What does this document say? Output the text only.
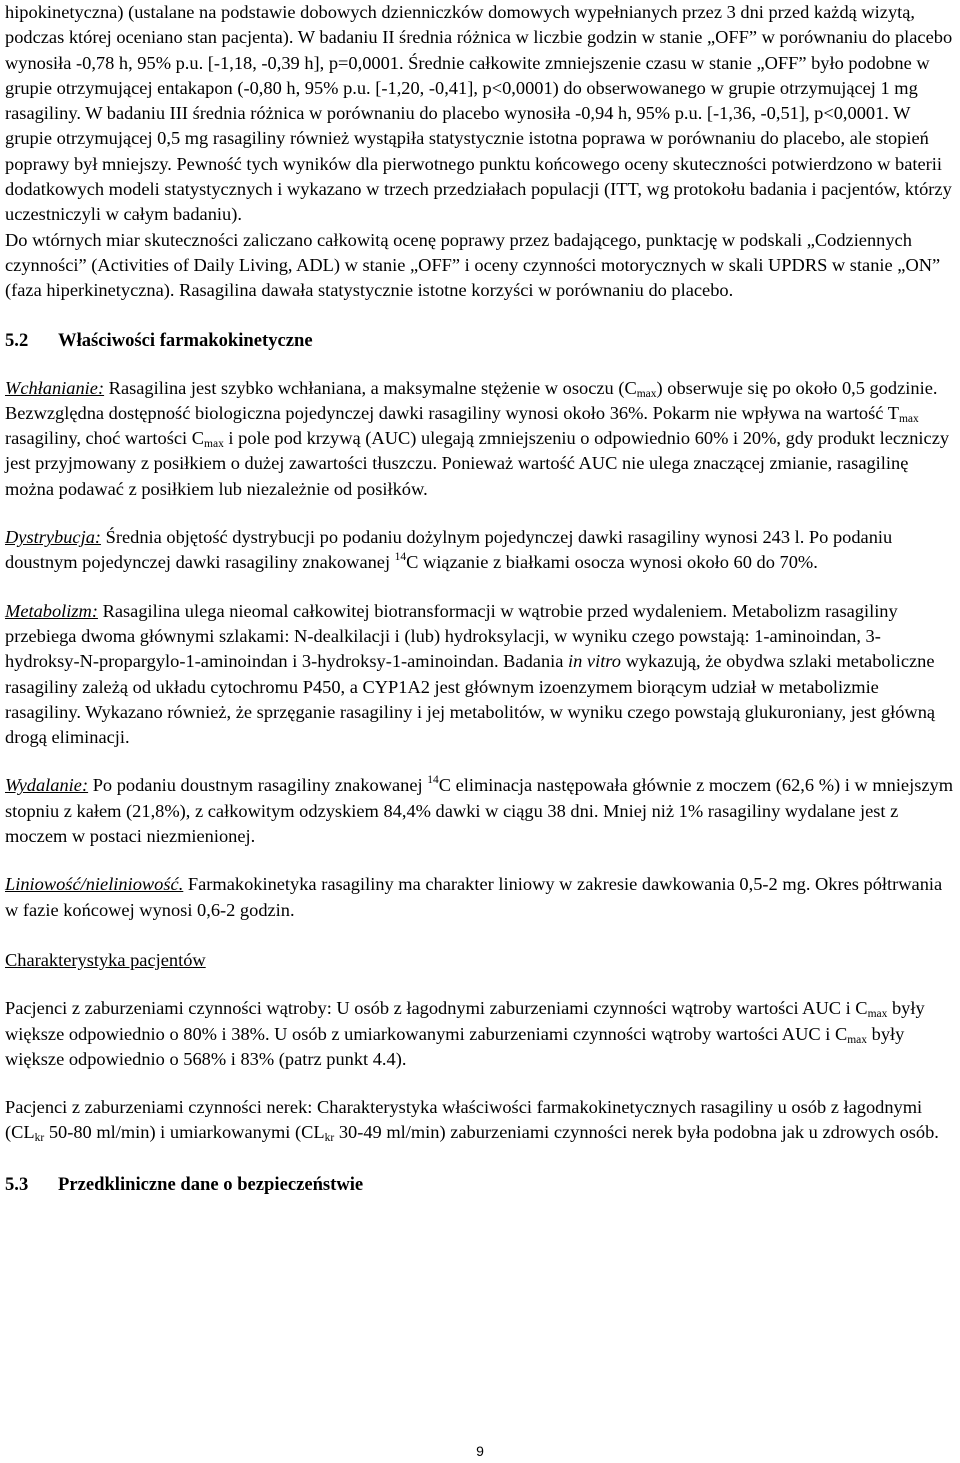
hipokinetyczna) (ustalane na podstawie dobowych dzienniczków domowych wypełnianych przez 3 dni przed każdą wizytą, podczas której oceniano stan pacjenta). W badaniu II średnia różnica w liczbie godzin w stanie „OFF” w porównaniu do placebo wynosiła -0,78 h, 95% p.u. [-1,18, -0,39 h], p=0,0001. Średnie całkowite zmniejszenie czasu w stanie „OFF” było podobne w grupie otrzymującej entakapon (-0,80 h, 95% p.u. [-1,20, -0,41], p<0,0001) do obserwowanego w grupie otrzymującej 1 mg rasagiliny. W badaniu III średnia różnica w porównaniu do placebo wynosiła -0,94 h, 95% p.u. [-1,36, -0,51], p<0,0001. W grupie otrzymującej 0,5 mg rasagiliny również wystąpiła statystycznie istotna poprawa w porównaniu do placebo, ale stopień poprawy był mniejszy. Pewność tych wyników dla pierwotnego punktu końcowego oceny skuteczności potwierdzono w baterii dodatkowych modeli statystycznych i wykazano w trzech przedziałach populacji (ITT, wg protokołu badania i pacjentów, którzy uczestniczyli w całym badaniu).

Do wtórnych miar skuteczności zaliczano całkowitą ocenę poprawy przez badającego, punktację w podskali „Codziennych czynności” (Activities of Daily Living, ADL) w stanie „OFF” i oceny czynności motorycznych w skali UPDRS w stanie „ON” (faza hiperkinetyczna). Rasagilina dawała statystycznie istotne korzyści w porównaniu do placebo.

5.2 Właściwości farmakokinetyczne

Wchłanianie: Rasagilina jest szybko wchłaniana, a maksymalne stężenie w osoczu $(C_{max})$ obserwuje się po około 0,5 godzinie. Bezwzględna dostępność biologiczna pojedynczej dawki rasagiliny wynosi około 36%. Pokarm nie wpływa na wartość $T_{max}$ rasagiliny, choć wartości $C_{max}$ i pole pod krzywą (AUC) ulegają zmniejszeniu o odpowiednio 60% i 20%, gdy produkt leczniczy jest przyjmowany z posiłkiem o dużej zawartości tłuszczu. Ponieważ wartość AUC nie ulega znaczącej zmianie, rasagilinę można podawać z posiłkiem lub niezależnie od posiłków.

Dystrybucja: Średnia objętość dystrybucji po podaniu dożylnym pojedynczej dawki rasagiliny wynosi 243 l. Po podaniu doustnym pojedynczej dawki rasagiliny znakowanej $^{14}$C wiązanie z białkami osocza wynosi około 60 do 70%.

Metabolizm: Rasagilina ulega nieomal całkowitej biotransformacji w wątrobie przed wydaleniem. Metabolizm rasagiliny przebiega dwoma głównymi szlakami: N-dealkilacji i (lub) hydroksylacji, w wyniku czego powstają: 1-aminoindan, 3-hydroksy-N-propargylo-1-aminoindan i 3-hydroksy-1-aminoindan. Badania in vitro wykazują, że obydwa szlaki metaboliczne rasagiliny zależą od układu cytochromu P450, a CYP1A2 jest głównym izoenzymem biorącym udział w metabolizmie rasagiliny. Wykazano również, że sprzęganie rasagiliny i jej metabolitów, w wyniku czego powstają glukuroniany, jest główną drogą eliminacji.

Wydalanie: Po podaniu doustnym rasagiliny znakowanej $^{14}$C eliminacja następowała głównie z moczem (62,6 %) i w mniejszym stopniu z kałem (21,8%), z całkowitym odzyskiem 84,4% dawki w ciągu 38 dni. Mniej niż 1% rasagiliny wydalane jest z moczem w postaci niezmienionej.

Liniowość/nieliniowość. Farmakokinetyka rasagiliny ma charakter liniowy w zakresie dawkowania 0,5-2 mg. Okres półtrwania w fazie końcowej wynosi 0,6-2 godzin.

Charakterystyka pacjentów

Pacjenci z zaburzeniami czynności wątroby: U osób z łagodnymi zaburzeniami czynności wątroby wartości AUC i $C_{max}$ były większe odpowiednio o 80% i 38%. U osób z umiarkowanymi zaburzeniami czynności wątroby wartości AUC i $C_{max}$ były większe odpowiednio o 568% i 83% (patrz punkt 4.4).

Pacjenci z zaburzeniami czynności nerek: Charakterystyka właściwości farmakokinetycznych rasagiliny u osób z łagodnymi ($CL_{kr}$ 50-80 ml/min) i umiarkowanymi ($CL_{kr}$ 30-49 ml/min) zaburzeniami czynności nerek była podobna jak u zdrowych osób.

5.3 Przedkliniczne dane o bezpieczeństwie
9
